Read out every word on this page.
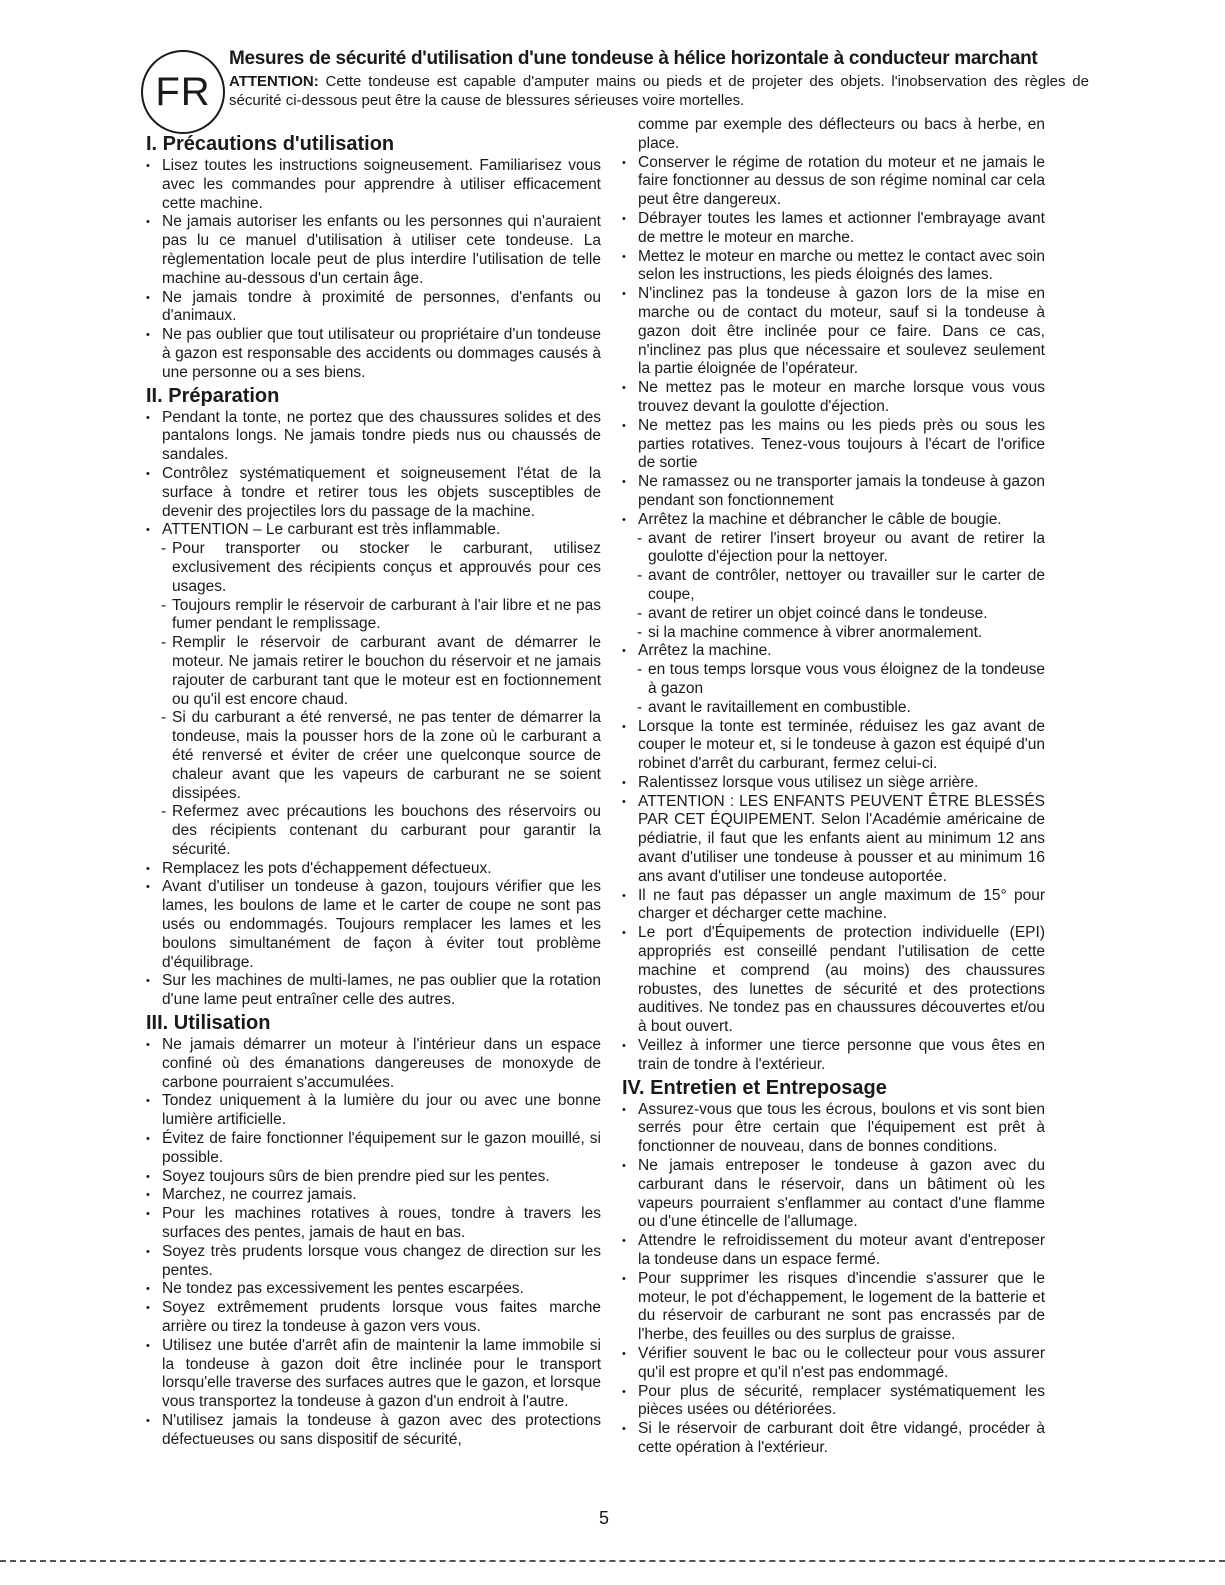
FR
Mesures de sécurité d'utilisation d'une tondeuse à hélice horizontale à conducteur marchant

ATTENTION: Cette tondeuse est capable d'amputer mains ou pieds et de projeter des objets. l'inobservation des règles de sécurité ci-dessous peut être la cause de blessures sérieuses voire mortelles.

I. Précautions d'utilisation

• Lisez toutes les instructions soigneusement. Familiarisez vous avec les commandes pour apprendre à utiliser efficacement cette machine.

• Ne jamais autoriser les enfants ou les personnes qui n'auraient pas lu ce manuel d'utilisation à utiliser cete tondeuse. La règlementation locale peut de plus interdire l'utilisation de telle machine au-dessous d'un certain âge.

• Ne jamais tondre à proximité de personnes, d'enfants ou d'animaux.

• Ne pas oublier que tout utilisateur ou propriétaire d'un tondeuse à gazon est responsable des accidents ou dommages causés à une personne ou a ses biens.

II. Préparation

• Pendant la tonte, ne portez que des chaussures solides et des pantalons longs. Ne jamais tondre pieds nus ou chaussés de sandales.

• Contrôlez systématiquement et soigneusement l'état de la surface à tondre et retirer tous les objets susceptibles de devenir des projectiles lors du passage de la machine.

• ATTENTION – Le carburant est très inflammable.

- Pour transporter ou stocker le carburant, utilisez exclusivement des récipients conçus et approuvés pour ces usages.

- Toujours remplir le réservoir de carburant à l'air libre et ne pas fumer pendant le remplissage.

- Remplir le réservoir de carburant avant de démarrer le moteur. Ne jamais retirer le bouchon du réservoir et ne jamais rajouter de carburant tant que le moteur est en foctionnement ou qu'il est encore chaud.

- Si du carburant a été renversé, ne pas tenter de démarrer la tondeuse, mais la pousser hors de la zone où le carburant a été renversé et éviter de créer une quelconque source de chaleur avant que les vapeurs de carburant ne se soient dissipées.

- Refermez avec précautions les bouchons des réservoirs ou des récipients contenant du carburant pour garantir la sécurité.

• Remplacez les pots d'échappement défectueux.

• Avant d'utiliser un tondeuse à gazon, toujours vérifier que les lames, les boulons de lame et le carter de coupe ne sont pas usés ou endommagés. Toujours remplacer les lames et les boulons simultanément de façon à éviter tout problème d'équilibrage.

• Sur les machines de multi-lames, ne pas oublier que la rotation d'une lame peut entraîner celle des autres.

III. Utilisation

• Ne jamais démarrer un moteur à l'intérieur dans un espace confiné où des émanations dangereuses de monoxyde de carbone pourraient s'accumulées.

• Tondez uniquement à la lumière du jour ou avec une bonne lumière artificielle.

• Évitez de faire fonctionner l'équipement sur le gazon mouillé, si possible.

• Soyez toujours sûrs de bien prendre pied sur les pentes.

• Marchez, ne courrez jamais.

• Pour les machines rotatives à roues, tondre à travers les surfaces des pentes, jamais de haut en bas.

• Soyez très prudents lorsque vous changez de direction sur les pentes.

• Ne tondez pas excessivement les pentes escarpées.

• Soyez extrêmement prudents lorsque vous faites marche arrière ou tirez la tondeuse à gazon vers vous.

• Utilisez une butée d'arrêt afin de maintenir la lame immobile si la tondeuse à gazon doit être inclinée pour le transport lorsqu'elle traverse des surfaces autres que le gazon, et lorsque vous transportez la tondeuse à gazon d'un endroit à l'autre.

• N'utilisez jamais la tondeuse à gazon avec des protections défectueuses ou sans dispositif de sécurité,

comme par exemple des déflecteurs ou bacs à herbe, en place.

• Conserver le régime de rotation du moteur et ne jamais le faire fonctionner au dessus de son régime nominal car cela peut être dangereux.

• Débrayer toutes les lames et actionner l'embrayage avant de mettre le moteur en marche.

• Mettez le moteur en marche ou mettez le contact avec soin selon les instructions, les pieds éloignés des lames.

• N'inclinez pas la tondeuse à gazon lors de la mise en marche ou de contact du moteur, sauf si la tondeuse à gazon doit être inclinée pour ce faire. Dans ce cas, n'inclinez pas plus que nécessaire et soulevez seulement la partie éloignée de l'opérateur.

• Ne mettez pas le moteur en marche lorsque vous vous trouvez devant la goulotte d'éjection.

• Ne mettez pas les mains ou les pieds près ou sous les parties rotatives. Tenez-vous toujours à l'écart de l'orifice de sortie

• Ne ramassez ou ne transporter jamais la tondeuse à gazon pendant son fonctionnement

• Arrêtez la machine et débrancher le câble de bougie.

- avant de retirer l'insert broyeur ou avant de retirer la goulotte d'éjection pour la nettoyer.

- avant de contrôler, nettoyer ou travailler sur le carter de coupe,

- avant de retirer un objet coincé dans le tondeuse.

- si la machine commence à vibrer anormalement.

• Arrêtez la machine.

- en tous temps lorsque vous vous éloignez de la tondeuse à gazon

- avant le ravitaillement en combustible.

• Lorsque la tonte est terminée, réduisez les gaz avant de couper le moteur et, si le tondeuse à gazon est équipé d'un robinet d'arrêt du carburant, fermez celui-ci.

• Ralentissez lorsque vous utilisez un siège arrière.

• ATTENTION : LES ENFANTS PEUVENT ÊTRE BLESSÉS PAR CET ÉQUIPEMENT. Selon l'Académie américaine de pédiatrie, il faut que les enfants aient au minimum 12 ans avant d'utiliser une tondeuse à pousser et au minimum 16 ans avant d'utiliser une tondeuse autoportée.

• Il ne faut pas dépasser un angle maximum de 15° pour charger et décharger cette machine.

• Le port d'Équipements de protection individuelle (EPI) appropriés est conseillé pendant l'utilisation de cette machine et comprend (au moins) des chaussures robustes, des lunettes de sécurité et des protections auditives. Ne tondez pas en chaussures découvertes et/ou à bout ouvert.

• Veillez à informer une tierce personne que vous êtes en train de tondre à l'extérieur.

IV. Entretien et Entreposage

• Assurez-vous que tous les écrous, boulons et vis sont bien serrés pour être certain que l'équipement est prêt à fonctionner de nouveau, dans de bonnes conditions.

• Ne jamais entreposer le tondeuse à gazon avec du carburant dans le réservoir, dans un bâtiment où les vapeurs pourraient s'enflammer au contact d'une flamme ou d'une étincelle de l'allumage.

• Attendre le refroidissement du moteur avant d'entreposer la tondeuse dans un espace fermé.

• Pour supprimer les risques d'incendie s'assurer que le moteur, le pot d'échappement, le logement de la batterie et du réservoir de carburant ne sont pas encrassés par de l'herbe, des feuilles ou des surplus de graisse.

• Vérifier souvent le bac ou le collecteur pour vous assurer qu'il est propre et qu'il n'est pas endommagé.

• Pour plus de sécurité, remplacer systématiquement les pièces usées ou détériorées.

• Si le réservoir de carburant doit être vidangé, procéder à cette opération à l'extérieur.

5
